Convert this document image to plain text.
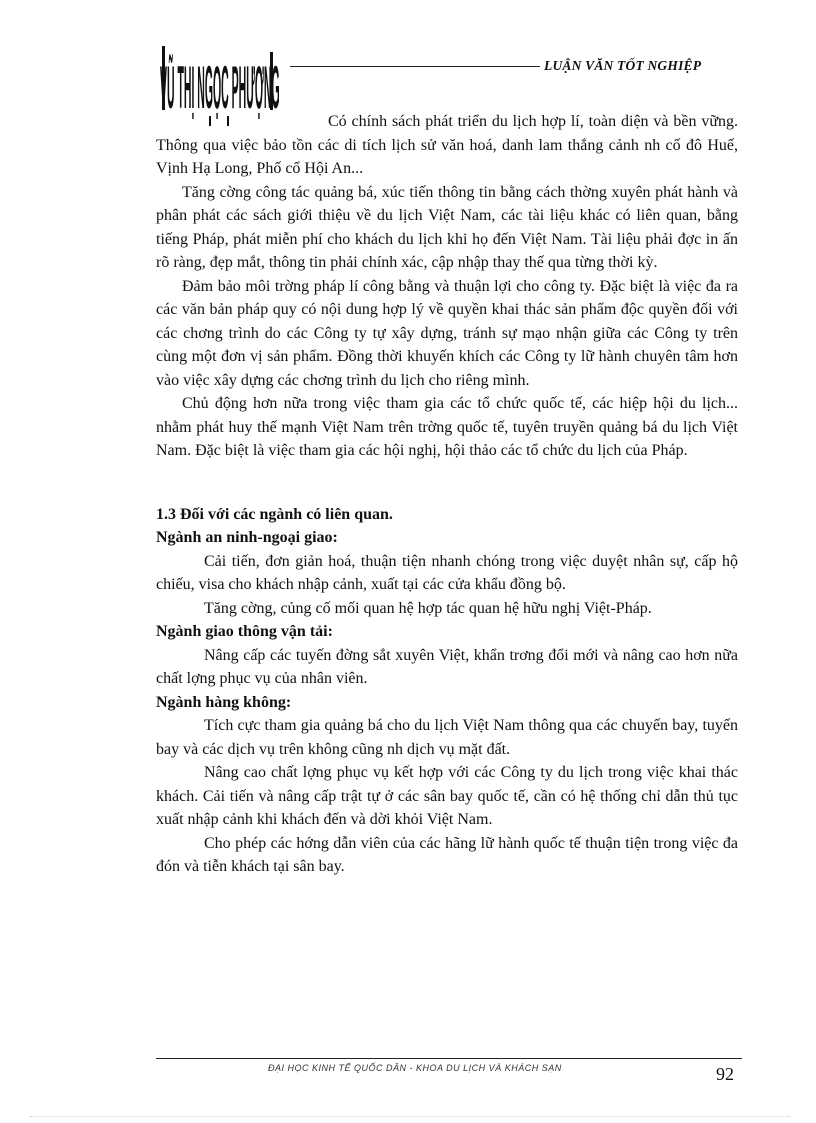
VŨ THỊ NGỌC PHƯỢNG	LUẬN VĂN TỐT NGHIỆP

Có chính sách phát triển du lịch hợp lí, toàn diện và bền vững. Thông qua việc bảo tồn các di tích lịch sử văn hoá, danh lam thắng cảnh nh cố đô Huế, Vịnh Hạ Long, Phố cổ Hội An...

Tăng cờng công tác quảng bá, xúc tiến thông tin bằng cách thờng xuyên phát hành và phân phát các sách giới thiệu về du lịch Việt Nam, các tài liệu khác có liên quan, bằng tiếng Pháp, phát miễn phí cho khách du lịch khi họ đến Việt Nam. Tài liệu phải đợc in ấn rõ ràng, đẹp mắt, thông tin phải chính xác, cập nhập thay thế qua từng thời kỳ.

Đảm bảo môi trờng pháp lí công bằng và thuận lợi cho công ty. Đặc biệt là việc đa ra các văn bản pháp quy có nội dung hợp lý về quyền khai thác sản phẩm độc quyền đối với các chơng trình do các Công ty tự xây dựng, tránh sự mạo nhận giữa các Công ty trên cùng một đơn vị sản phẩm. Đồng thời khuyến khích các Công ty lữ hành chuyên tâm hơn vào việc xây dựng các chơng trình du lịch cho riêng mình.

Chủ động hơn nữa trong việc tham gia các tổ chức quốc tế, các hiệp hội du lịch... nhằm phát huy thế mạnh Việt Nam trên trờng quốc tế, tuyên truyền quảng bá du lịch Việt Nam. Đặc biệt là việc tham gia các hội nghị, hội thảo các tổ chức du lịch của Pháp.

1.3 Đối với các ngành có liên quan.

Ngành an ninh-ngoại giao:

Cải tiến, đơn giản hoá, thuận tiện nhanh chóng trong việc duyệt nhân sự, cấp hộ chiếu, visa cho khách nhập cảnh, xuất tại các cửa khẩu đồng bộ.

Tăng cờng, củng cố mối quan hệ hợp tác quan hệ hữu nghị Việt-Pháp.

Ngành giao thông vận tải:

Nâng cấp các tuyến đờng sắt xuyên Việt, khẩn trơng đổi mới và nâng cao hơn nữa chất lợng phục vụ của nhân viên.

Ngành hàng không:

Tích cực tham gia quảng bá cho du lịch Việt Nam thông qua các chuyến bay, tuyến bay và các dịch vụ trên không cũng nh dịch vụ mặt đất.

Nâng cao chất lợng phục vụ kết hợp với các Công ty du lịch trong việc khai thác khách. Cải tiến và nâng cấp trật tự ở các sân bay quốc tế, cần có hệ thống chỉ dẫn thủ tục xuất nhập cảnh khi khách đến và dời khỏi Việt Nam.

Cho phép các hớng dẫn viên của các hãng lữ hành quốc tế thuận tiện trong việc đa đón và tiễn khách tại sân bay.

ĐẠI HỌC KINH TẾ QUỐC DÂN - KHOA DU LỊCH VÀ KHÁCH SẠN	92
